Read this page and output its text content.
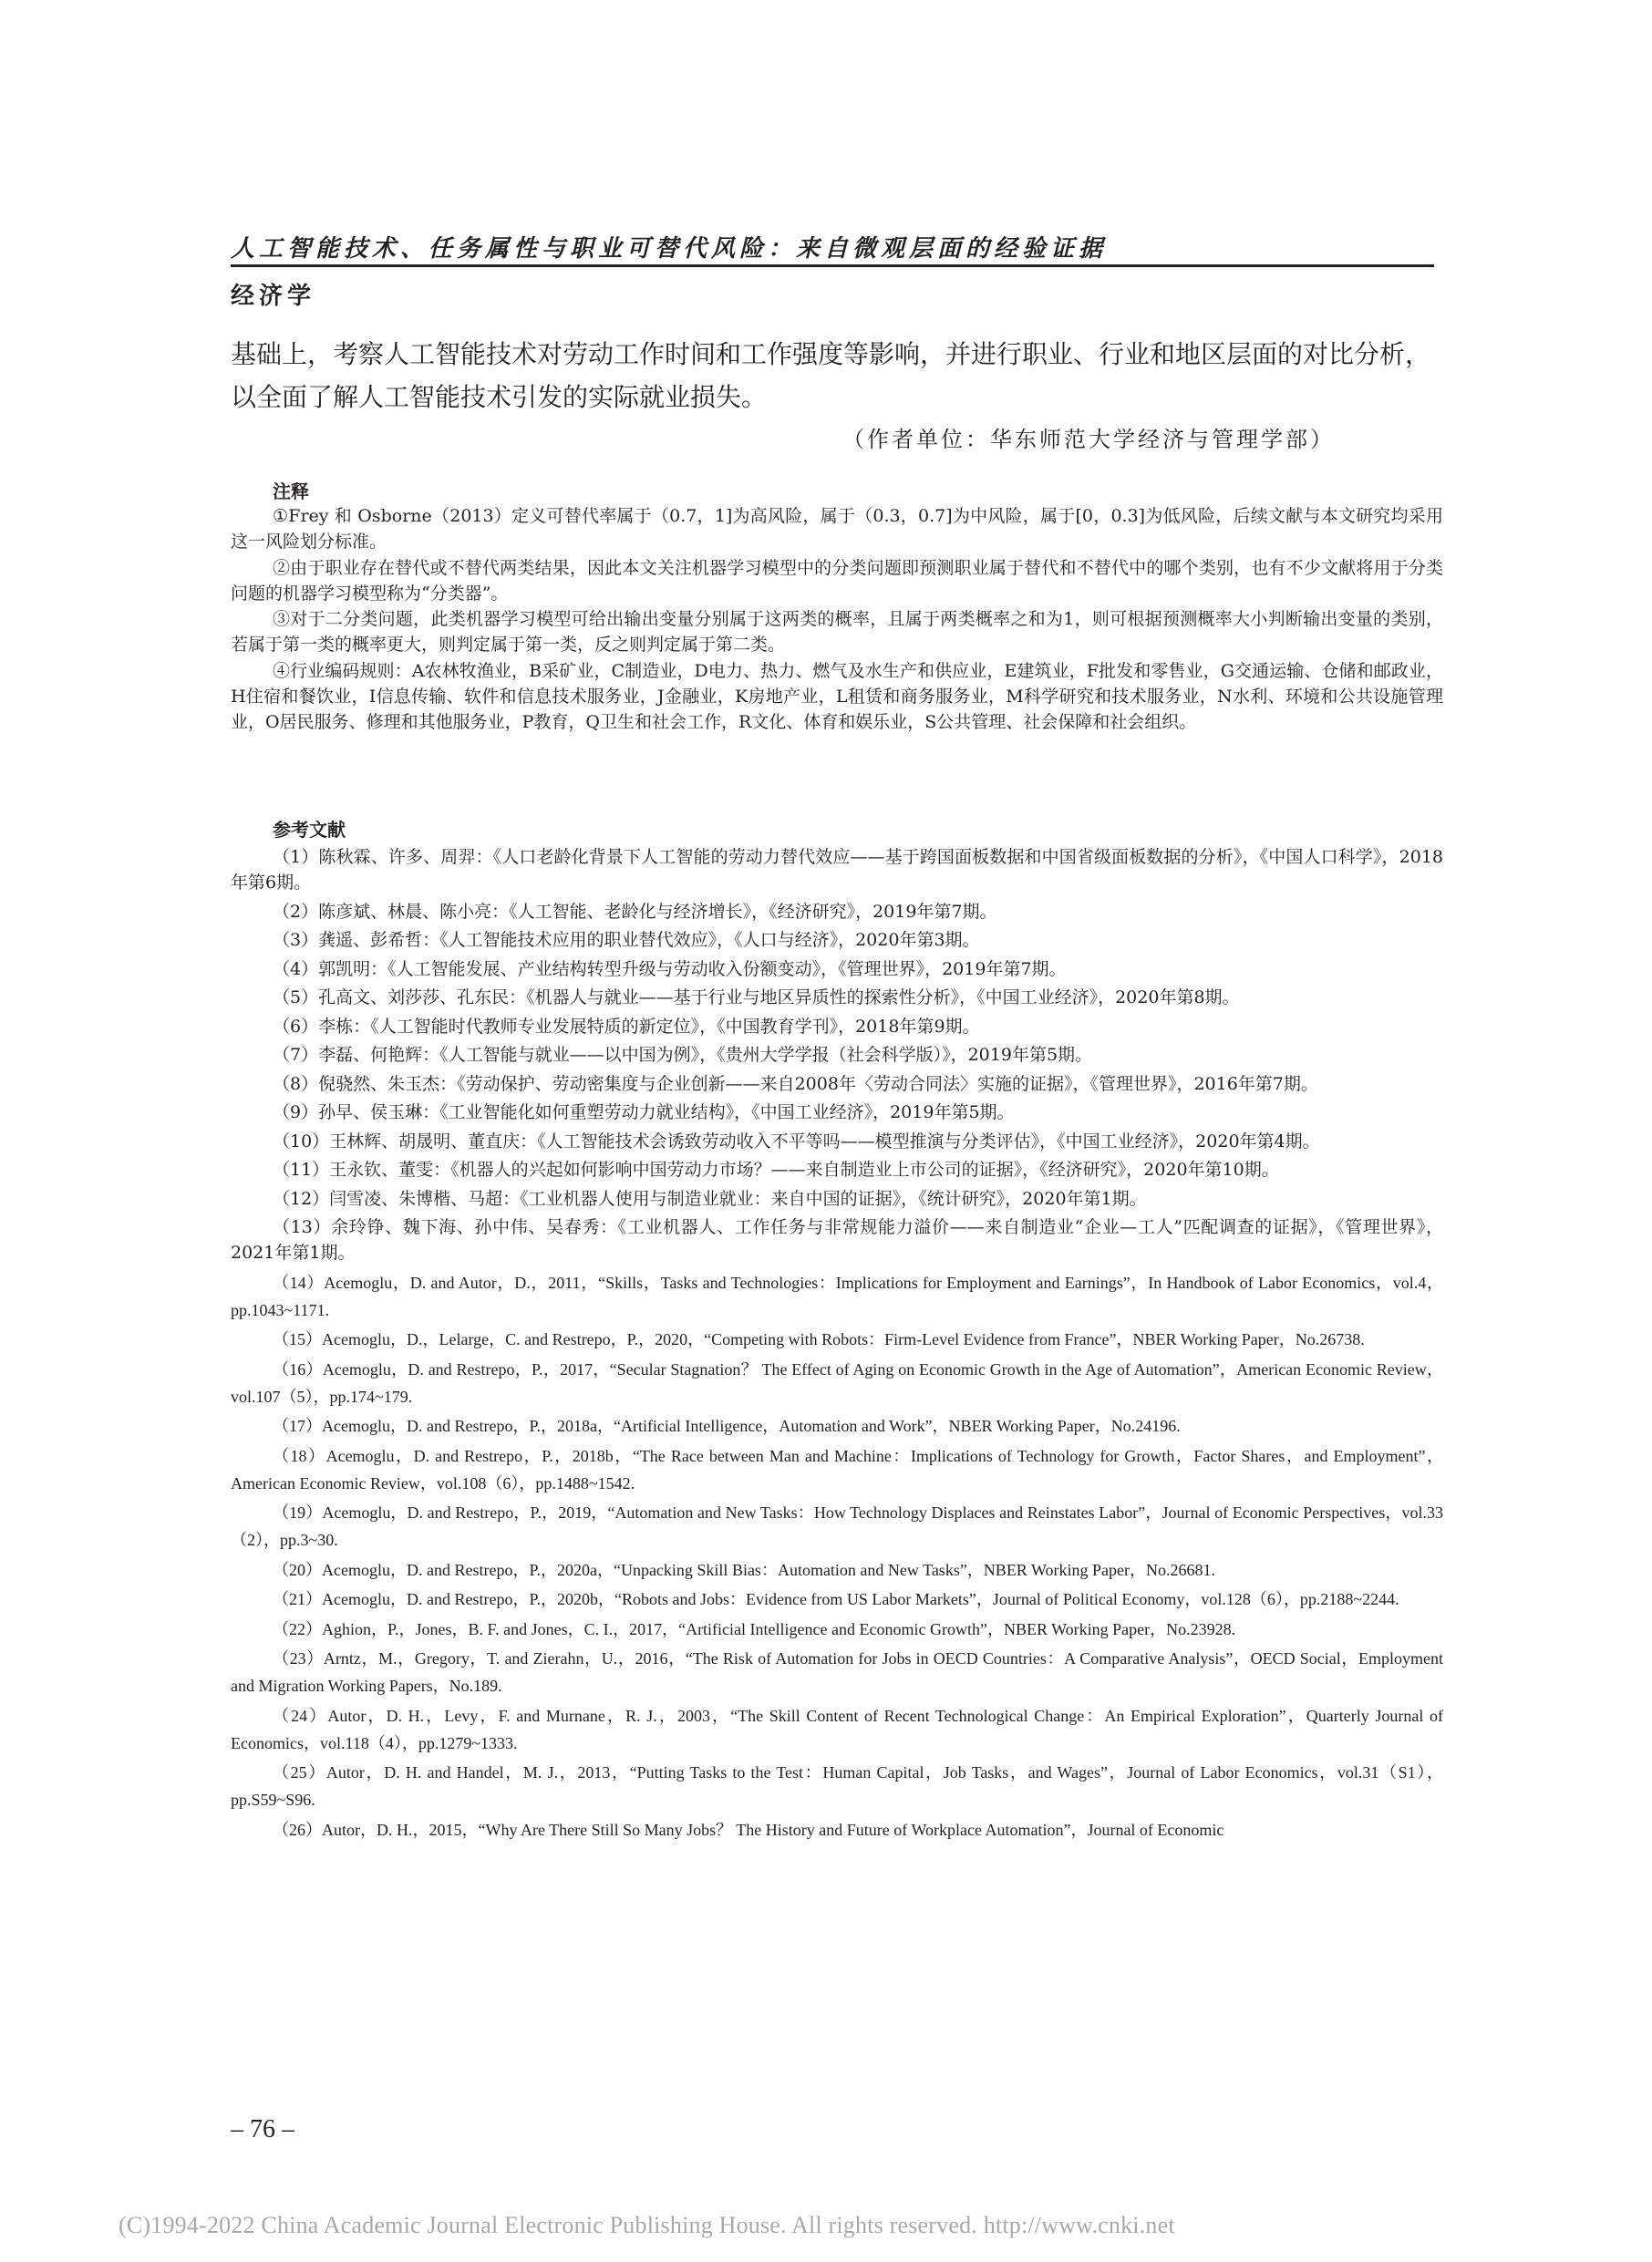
人工智能技术、任务属性与职业可替代风险：来自微观层面的经验证据
经济学

基础上，考察人工智能技术对劳动工作时间和工作强度等影响，并进行职业、行业和地区层面的对比分析，以全面了解人工智能技术引发的实际就业损失。

（作者单位：华东师范大学经济与管理学部）
注释

①Frey 和 Osborne（2013）定义可替代率属于（0.7，1]为高风险，属于（0.3，0.7]为中风险，属于[0，0.3]为低风险，后续文献与本文研究均采用这一风险划分标准。

②由于职业存在替代或不替代两类结果，因此本文关注机器学习模型中的分类问题即预测职业属于替代和不替代中的哪个类别，也有不少文献将用于分类问题的机器学习模型称为“分类器”。

③对于二分类问题，此类机器学习模型可给出输出变量分别属于这两类的概率，且属于两类概率之和为1，则可根据预测概率大小判断输出变量的类别，若属于第一类的概率更大，则判定属于第一类，反之则判定属于第二类。

④行业编码规则：A农林牧渔业，B采矿业，C制造业，D电力、热力、燃气及水生产和供应业，E建筑业，F批发和零售业，G交通运输、仓储和邮政业，H住宿和餐饮业，I信息传输、软件和信息技术服务业，J金融业，K房地产业，L租赁和商务服务业，M科学研究和技术服务业，N水利、环境和公共设施管理业，O居民服务、修理和其他服务业，P教育，Q卫生和社会工作，R文化、体育和娱乐业，S公共管理、社会保障和社会组织。

参考文献

（1）陈秋霖、许多、周羿：《人口老龄化背景下人工智能的劳动力替代效应——基于跨国面板数据和中国省级面板数据的分析》，《中国人口科学》，2018年第6期。

（2）陈彦斌、林晨、陈小亮：《人工智能、老龄化与经济增长》，《经济研究》，2019年第7期。

（3）龚遥、彭希哲：《人工智能技术应用的职业替代效应》，《人口与经济》，2020年第3期。

（4）郭凯明：《人工智能发展、产业结构转型升级与劳动收入份额变动》，《管理世界》，2019年第7期。

（5）孔高文、刘莎莎、孔东民：《机器人与就业——基于行业与地区异质性的探索性分析》，《中国工业经济》，2020年第8期。

（6）李栋：《人工智能时代教师专业发展特质的新定位》，《中国教育学刊》，2018年第9期。

（7）李磊、何艳辉：《人工智能与就业——以中国为例》，《贵州大学学报（社会科学版）》，2019年第5期。

（8）倪骁然、朱玉杰：《劳动保护、劳动密集度与企业创新——来自2008年〈劳动合同法〉实施的证据》，《管理世界》，2016年第7期。

（9）孙早、侯玉琳：《工业智能化如何重塑劳动力就业结构》，《中国工业经济》，2019年第5期。

（10）王林辉、胡晟明、董直庆：《人工智能技术会诱致劳动收入不平等吗——模型推演与分类评估》，《中国工业经济》，2020年第4期。

（11）王永钦、董雯：《机器人的兴起如何影响中国劳动力市场？——来自制造业上市公司的证据》，《经济研究》，2020年第10期。

（12）闫雪凌、朱博楷、马超：《工业机器人使用与制造业就业：来自中国的证据》，《统计研究》，2020年第1期。

（13）余玲铮、魏下海、孙中伟、吴春秀：《工业机器人、工作任务与非常规能力溢价——来自制造业“企业—工人”匹配调查的证据》，《管理世界》，2021年第1期。

（14）Acemoglu，D. and Autor，D.，2011，“Skills，Tasks and Technologies：Implications for Employment and Earnings”，In Handbook of Labor Economics，vol.4，pp.1043~1171.

（15）Acemoglu，D.，Lelarge，C. and Restrepo，P.，2020，“Competing with Robots：Firm-Level Evidence from France”，NBER Working Paper，No.26738.

（16）Acemoglu，D. and Restrepo，P.，2017，“Secular Stagnation？ The Effect of Aging on Economic Growth in the Age of Automation”，American Economic Review，vol.107（5），pp.174~179.

（17）Acemoglu，D. and Restrepo，P.，2018a，“Artificial Intelligence，Automation and Work”，NBER Working Paper，No.24196.

（18）Acemoglu，D. and Restrepo，P.，2018b，“The Race between Man and Machine：Implications of Technology for Growth，Factor Shares，and Employment”，American Economic Review，vol.108（6），pp.1488~1542.

（19）Acemoglu，D. and Restrepo，P.，2019，“Automation and New Tasks：How Technology Displaces and Reinstates Labor”，Journal of Economic Perspectives，vol.33（2），pp.3~30.

（20）Acemoglu，D. and Restrepo，P.，2020a，“Unpacking Skill Bias：Automation and New Tasks”，NBER Working Paper，No.26681.

（21）Acemoglu，D. and Restrepo，P.，2020b，“Robots and Jobs：Evidence from US Labor Markets”，Journal of Political Economy，vol.128（6），pp.2188~2244.

（22）Aghion，P.，Jones，B. F. and Jones，C. I.，2017，“Artificial Intelligence and Economic Growth”，NBER Working Paper，No.23928.

（23）Arntz，M.，Gregory，T. and Zierahn，U.，2016，“The Risk of Automation for Jobs in OECD Countries：A Comparative Analysis”，OECD Social，Employment and Migration Working Papers，No.189.

（24）Autor，D. H.，Levy，F. and Murnane，R. J.，2003，“The Skill Content of Recent Technological Change：An Empirical Exploration”，Quarterly Journal of Economics，vol.118（4），pp.1279~1333.

（25）Autor，D. H. and Handel，M. J.，2013，“Putting Tasks to the Test：Human Capital，Job Tasks，and Wages”，Journal of Labor Economics，vol.31（S1），pp.S59~S96.

（26）Autor，D. H.，2015，“Why Are There Still So Many Jobs？ The History and Future of Workplace Automation”，Journal of Economic

– 76 –
(C)1994-2022 China Academic Journal Electronic Publishing House. All rights reserved. http://www.cnki.net
